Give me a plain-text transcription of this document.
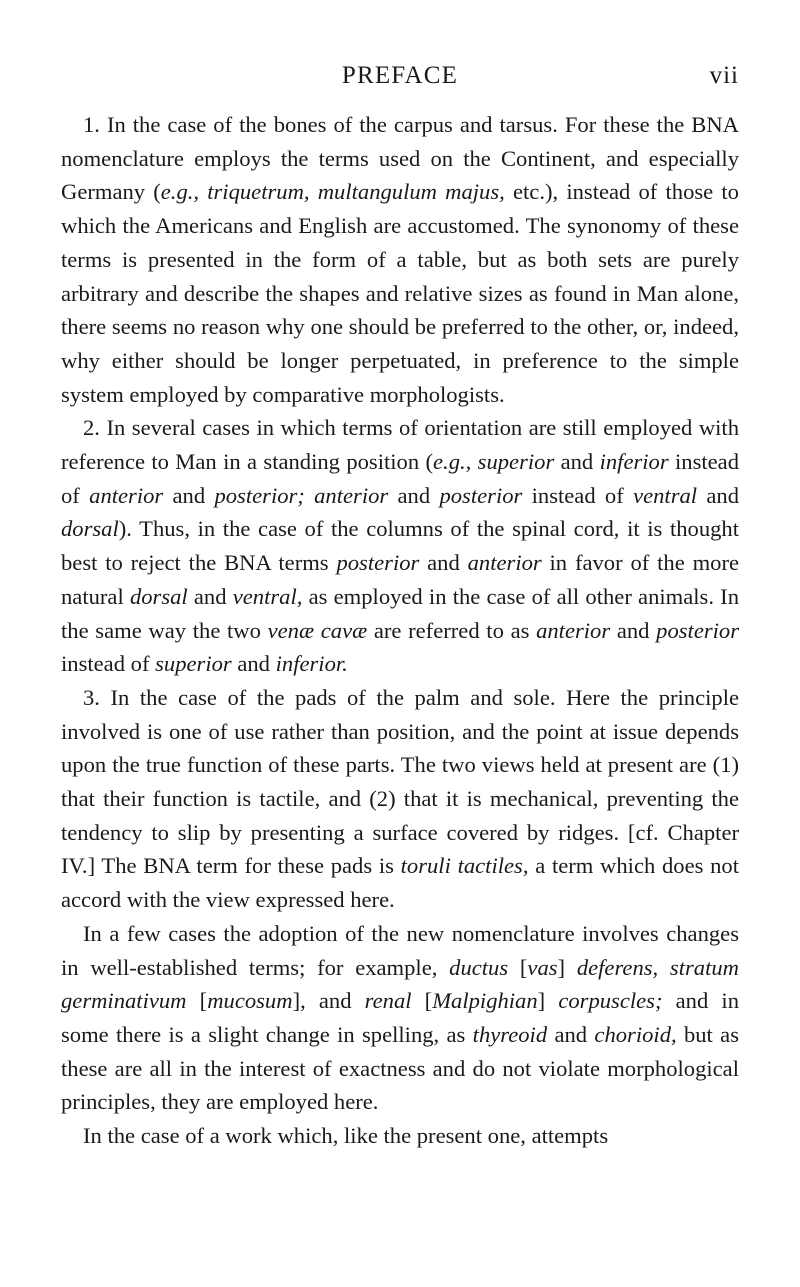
PREFACE	vii

1. In the case of the bones of the carpus and tarsus. For these the BNA nomenclature employs the terms used on the Continent, and especially Germany (e.g., triquetrum, multangulum majus, etc.), instead of those to which the Americans and English are accustomed. The synonomy of these terms is presented in the form of a table, but as both sets are purely arbitrary and describe the shapes and relative sizes as found in Man alone, there seems no reason why one should be preferred to the other, or, indeed, why either should be longer perpetuated, in preference to the simple system employed by comparative morphologists.

2. In several cases in which terms of orientation are still employed with reference to Man in a standing position (e.g., superior and inferior instead of anterior and posterior; anterior and posterior instead of ventral and dorsal). Thus, in the case of the columns of the spinal cord, it is thought best to reject the BNA terms posterior and anterior in favor of the more natural dorsal and ventral, as employed in the case of all other animals. In the same way the two venæ cavæ are referred to as anterior and posterior instead of superior and inferior.

3. In the case of the pads of the palm and sole. Here the principle involved is one of use rather than position, and the point at issue depends upon the true function of these parts. The two views held at present are (1) that their function is tactile, and (2) that it is mechanical, preventing the tendency to slip by presenting a surface covered by ridges. [cf. Chapter IV.] The BNA term for these pads is toruli tactiles, a term which does not accord with the view expressed here.

In a few cases the adoption of the new nomenclature involves changes in well-established terms; for example, ductus [vas] deferens, stratum germinativum [mucosum], and renal [Malpighian] corpuscles; and in some there is a slight change in spelling, as thyreoid and chorioid, but as these are all in the interest of exactness and do not violate morphological principles, they are employed here.

In the case of a work which, like the present one, attempts
